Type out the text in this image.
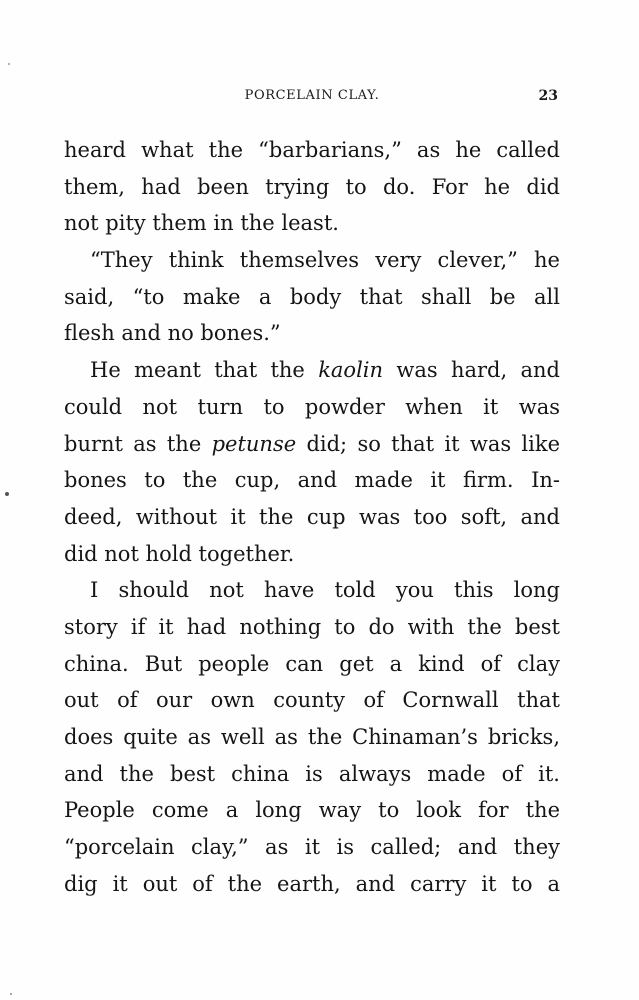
PORCELAIN CLAY.	23
heard what the “barbarians,” as he called
them, had been trying to do. For he did
not pity them in the least.
“They think themselves very clever,” he
said, “to make a body that shall be all
flesh and no bones.”
He meant that the kaolin was hard, and
could not turn to powder when it was
burnt as the petunse did; so that it was like
bones to the cup, and made it firm. In-
deed, without it the cup was too soft, and
did not hold together.
I should not have told you this long
story if it had nothing to do with the best
china. But people can get a kind of clay
out of our own county of Cornwall that
does quite as well as the Chinaman’s bricks,
and the best china is always made of it.
People come a long way to look for the
“porcelain clay,” as it is called; and they
dig it out of the earth, and carry it to a
